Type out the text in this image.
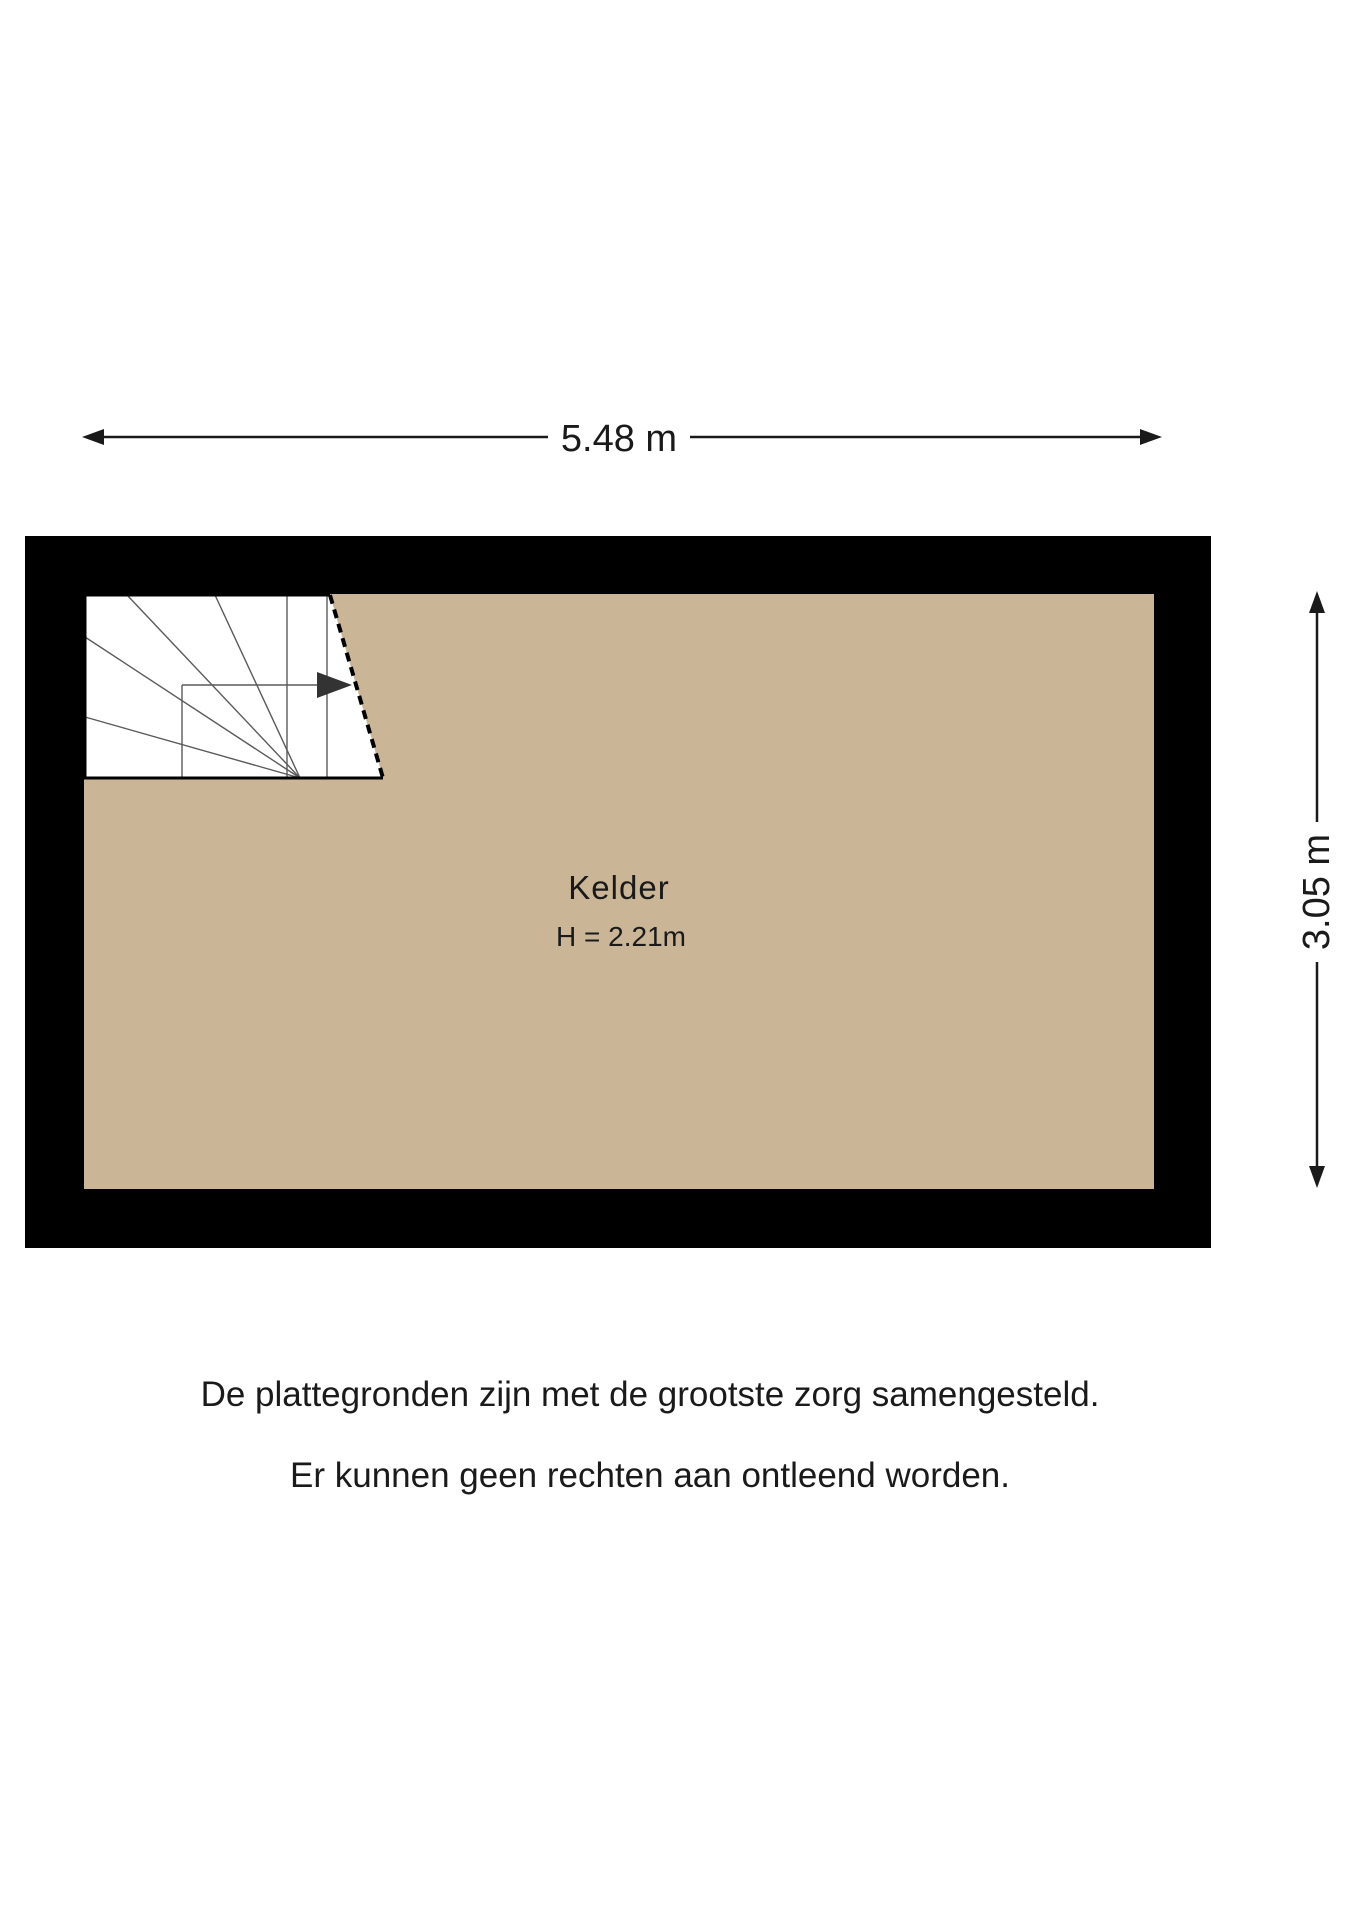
5.48 m
3.05 m
Kelder
H = 2.21m

De plattegronden zijn met de grootste zorg samengesteld.

Er kunnen geen rechten aan ontleend worden.
